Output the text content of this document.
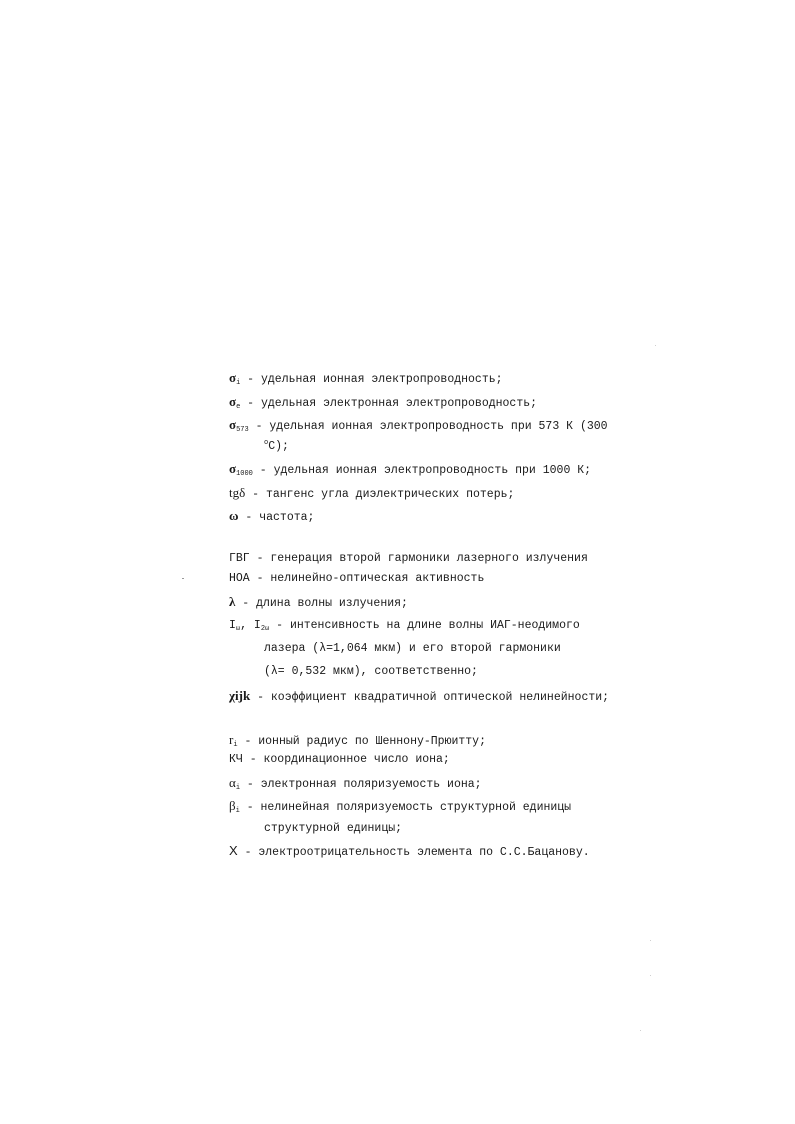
$\sigma_i$ - удельная ионная электропроводность;
$\sigma_e$ - удельная электронная электропроводность;
$\sigma_{573}$ - удельная ионная электропроводность при 573 К (300
$^o$С);
$\sigma_{1000}$ - удельная ионная электропроводность при 1000 К;
tgδ - тангенс угла диэлектрических потерь;
ω - частота;
ГВГ - генерация второй гармоники лазерного излучения
НОА - нелинейно-оптическая активность
λ - длина волны излучения;
$I_\omega$, $I_{2\omega}$ - интенсивность на длине волны ИАГ-неодимого
лазера (λ=1,064 мкм) и его второй гармоники
(λ= 0,532 мкм), соответственно;
χijk - коэффициент квадратичной оптической нелинейности;
$r_i$ - ионный радиус по Шеннону-Прюитту;
КЧ - координационное число иона;
$\alpha_i$ - электронная поляризуемость иона;
$\beta_i$ - нелинейная поляризуемость структурной единицы
структурной единицы;
Χ - электроотрицательность элемента по С.С.Бацанову.
